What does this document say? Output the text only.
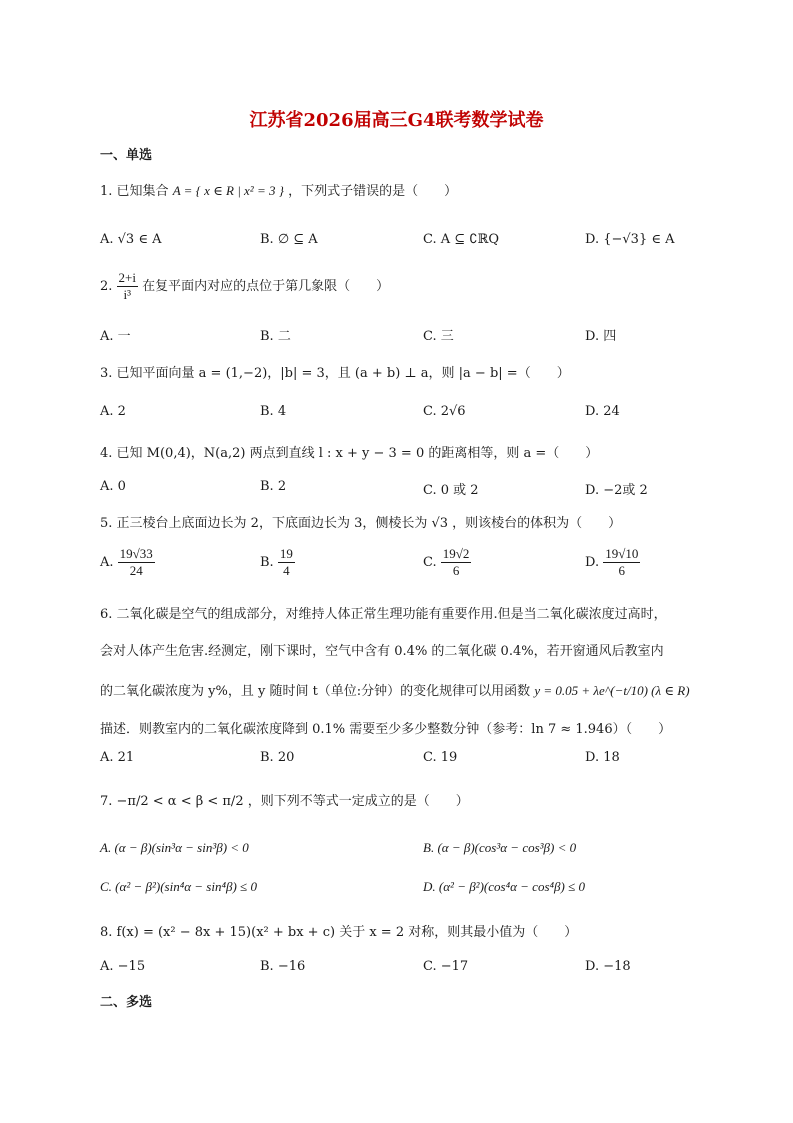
江苏省2026届高三G4联考数学试卷
一、单选
1. 已知集合 A = { x ∈ R | x² = 3 } ，下列式子错误的是（　　）
A. √3 ∈ A	B. ∅ ⊆ A	C. A ⊆ ∁ℝQ	D. {−√3} ∈ A
2. $\frac{2+i}{\text{i³}}$ 在复平面内对应的点位于第几象限（　　）
A. 一	B. 二	C. 三	D. 四
3. 已知平面向量 a = (1,−2)，|b| = 3，且 (a + b) ⊥ a，则 |a − b| =（　　）
A. 2	B. 4	C. 2√6	D. 24
4. 已知 M(0,4)，N(a,2) 两点到直线 l : x + y − 3 = 0 的距离相等，则 a =（　　）
A. 0	B. 2	C. 0 或 2	D. −2或 2
5. 正三棱台上底面边长为 2，下底面边长为 3，侧棱长为 √3 ，则该棱台的体积为（　　）
A. $\frac{19√33}{24}$	B. $\frac{19}{4}$	C. $\frac{19√2}{6}$	D. $\frac{19√10}{6}$
6. 二氧化碳是空气的组成部分，对维持人体正常生理功能有重要作用.但是当二氧化碳浓度过高时，
会对人体产生危害.经测定，刚下课时，空气中含有 0.4% 的二氧化碳 0.4%，若开窗通风后教室内
的二氧化碳浓度为 y%，且 y 随时间 t（单位:分钟）的变化规律可以用函数 y = 0.05 + λe^(−t/10) (λ ∈ R)
描述．则教室内的二氧化碳浓度降到 0.1% 需要至少多少整数分钟（参考：ln 7 ≈ 1.946）（　　）
A. 21	B. 20	C. 19	D. 18
7. −π/2 < α < β < π/2 ，则下列不等式一定成立的是（　　）
A. (α − β)(sin³α − sin³β) < 0	B. (α − β)(cos³α − cos³β) < 0
C. (α² − β²)(sin⁴α − sin⁴β) ≤ 0	D. (α² − β²)(cos⁴α − cos⁴β) ≤ 0
8. f(x) = (x² − 8x + 15)(x² + bx + c) 关于 x = 2 对称，则其最小值为（　　）
A. −15	B. −16	C. −17	D. −18
二、多选
